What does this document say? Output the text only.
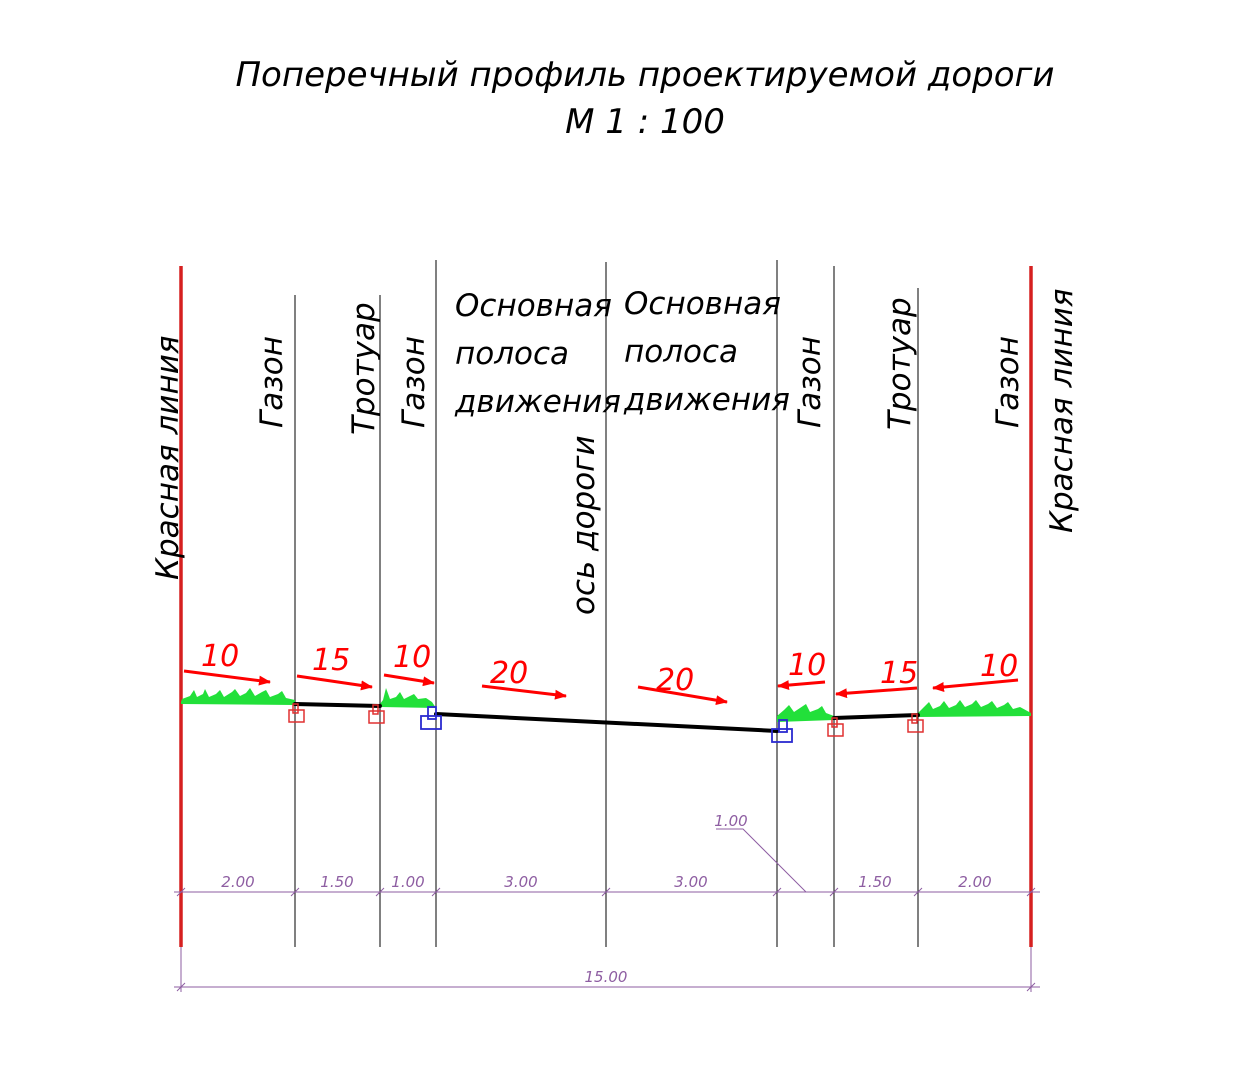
Поперечный профиль проектируемой дороги
М 1 : 100
Красная линия Газон Тротуар Газон
ось дороги
Газон Тротуар Газон Красная линия
Основная
полоса
движения
Основная
полоса
движения
10 15 10 20	20	10 15 10
2.00	1.50	1.00	3.00	3.00
1.00
1.50	2.00
15.00
